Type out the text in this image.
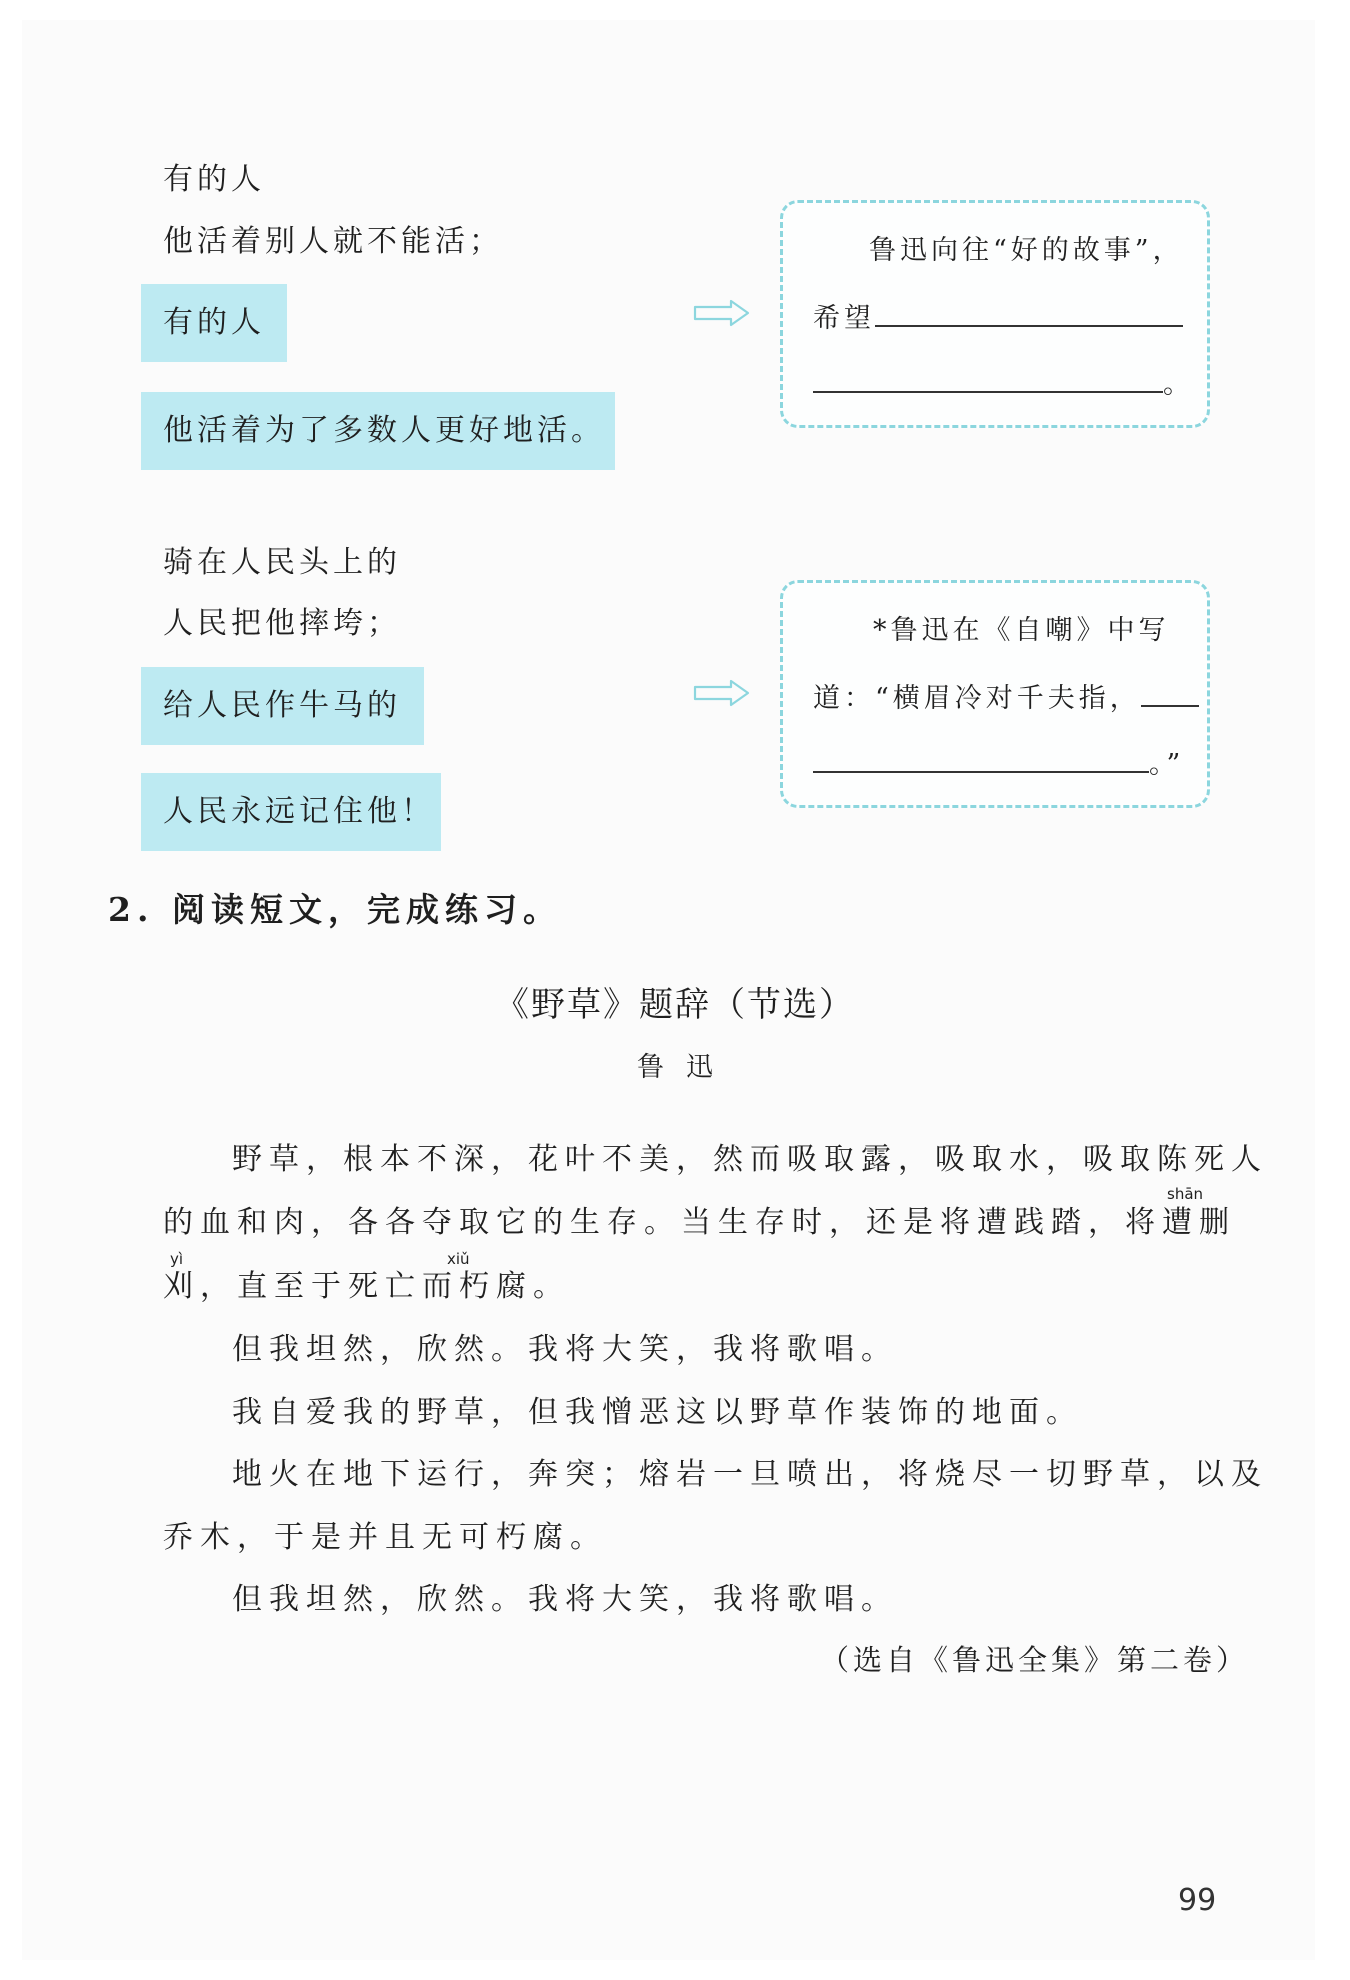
有的人
他活着别人就不能活；
有的人
他活着为了多数人更好地活。
鲁迅向往“好的故事”，
希望
。
骑在人民头上的
人民把他摔垮；
给人民作牛马的
人民永远记住他！
*鲁迅在《自嘲》中写
道：“横眉冷对千夫指，
。”
2. 阅读短文，完成练习。
《野草》题辞（节选）
鲁迅
野草，根本不深，花叶不美，然而吸取露，吸取水，吸取陈死人
的血和肉，各各夺取它的生存。当生存时，还是将遭践踏，将遭删
shān
刈，直至于死亡而朽腐。
yì	xiǔ
但我坦然，欣然。我将大笑，我将歌唱。
我自爱我的野草，但我憎恶这以野草作装饰的地面。
地火在地下运行，奔突；熔岩一旦喷出，将烧尽一切野草，以及
乔木，于是并且无可朽腐。
但我坦然，欣然。我将大笑，我将歌唱。
（选自《鲁迅全集》第二卷）
99
